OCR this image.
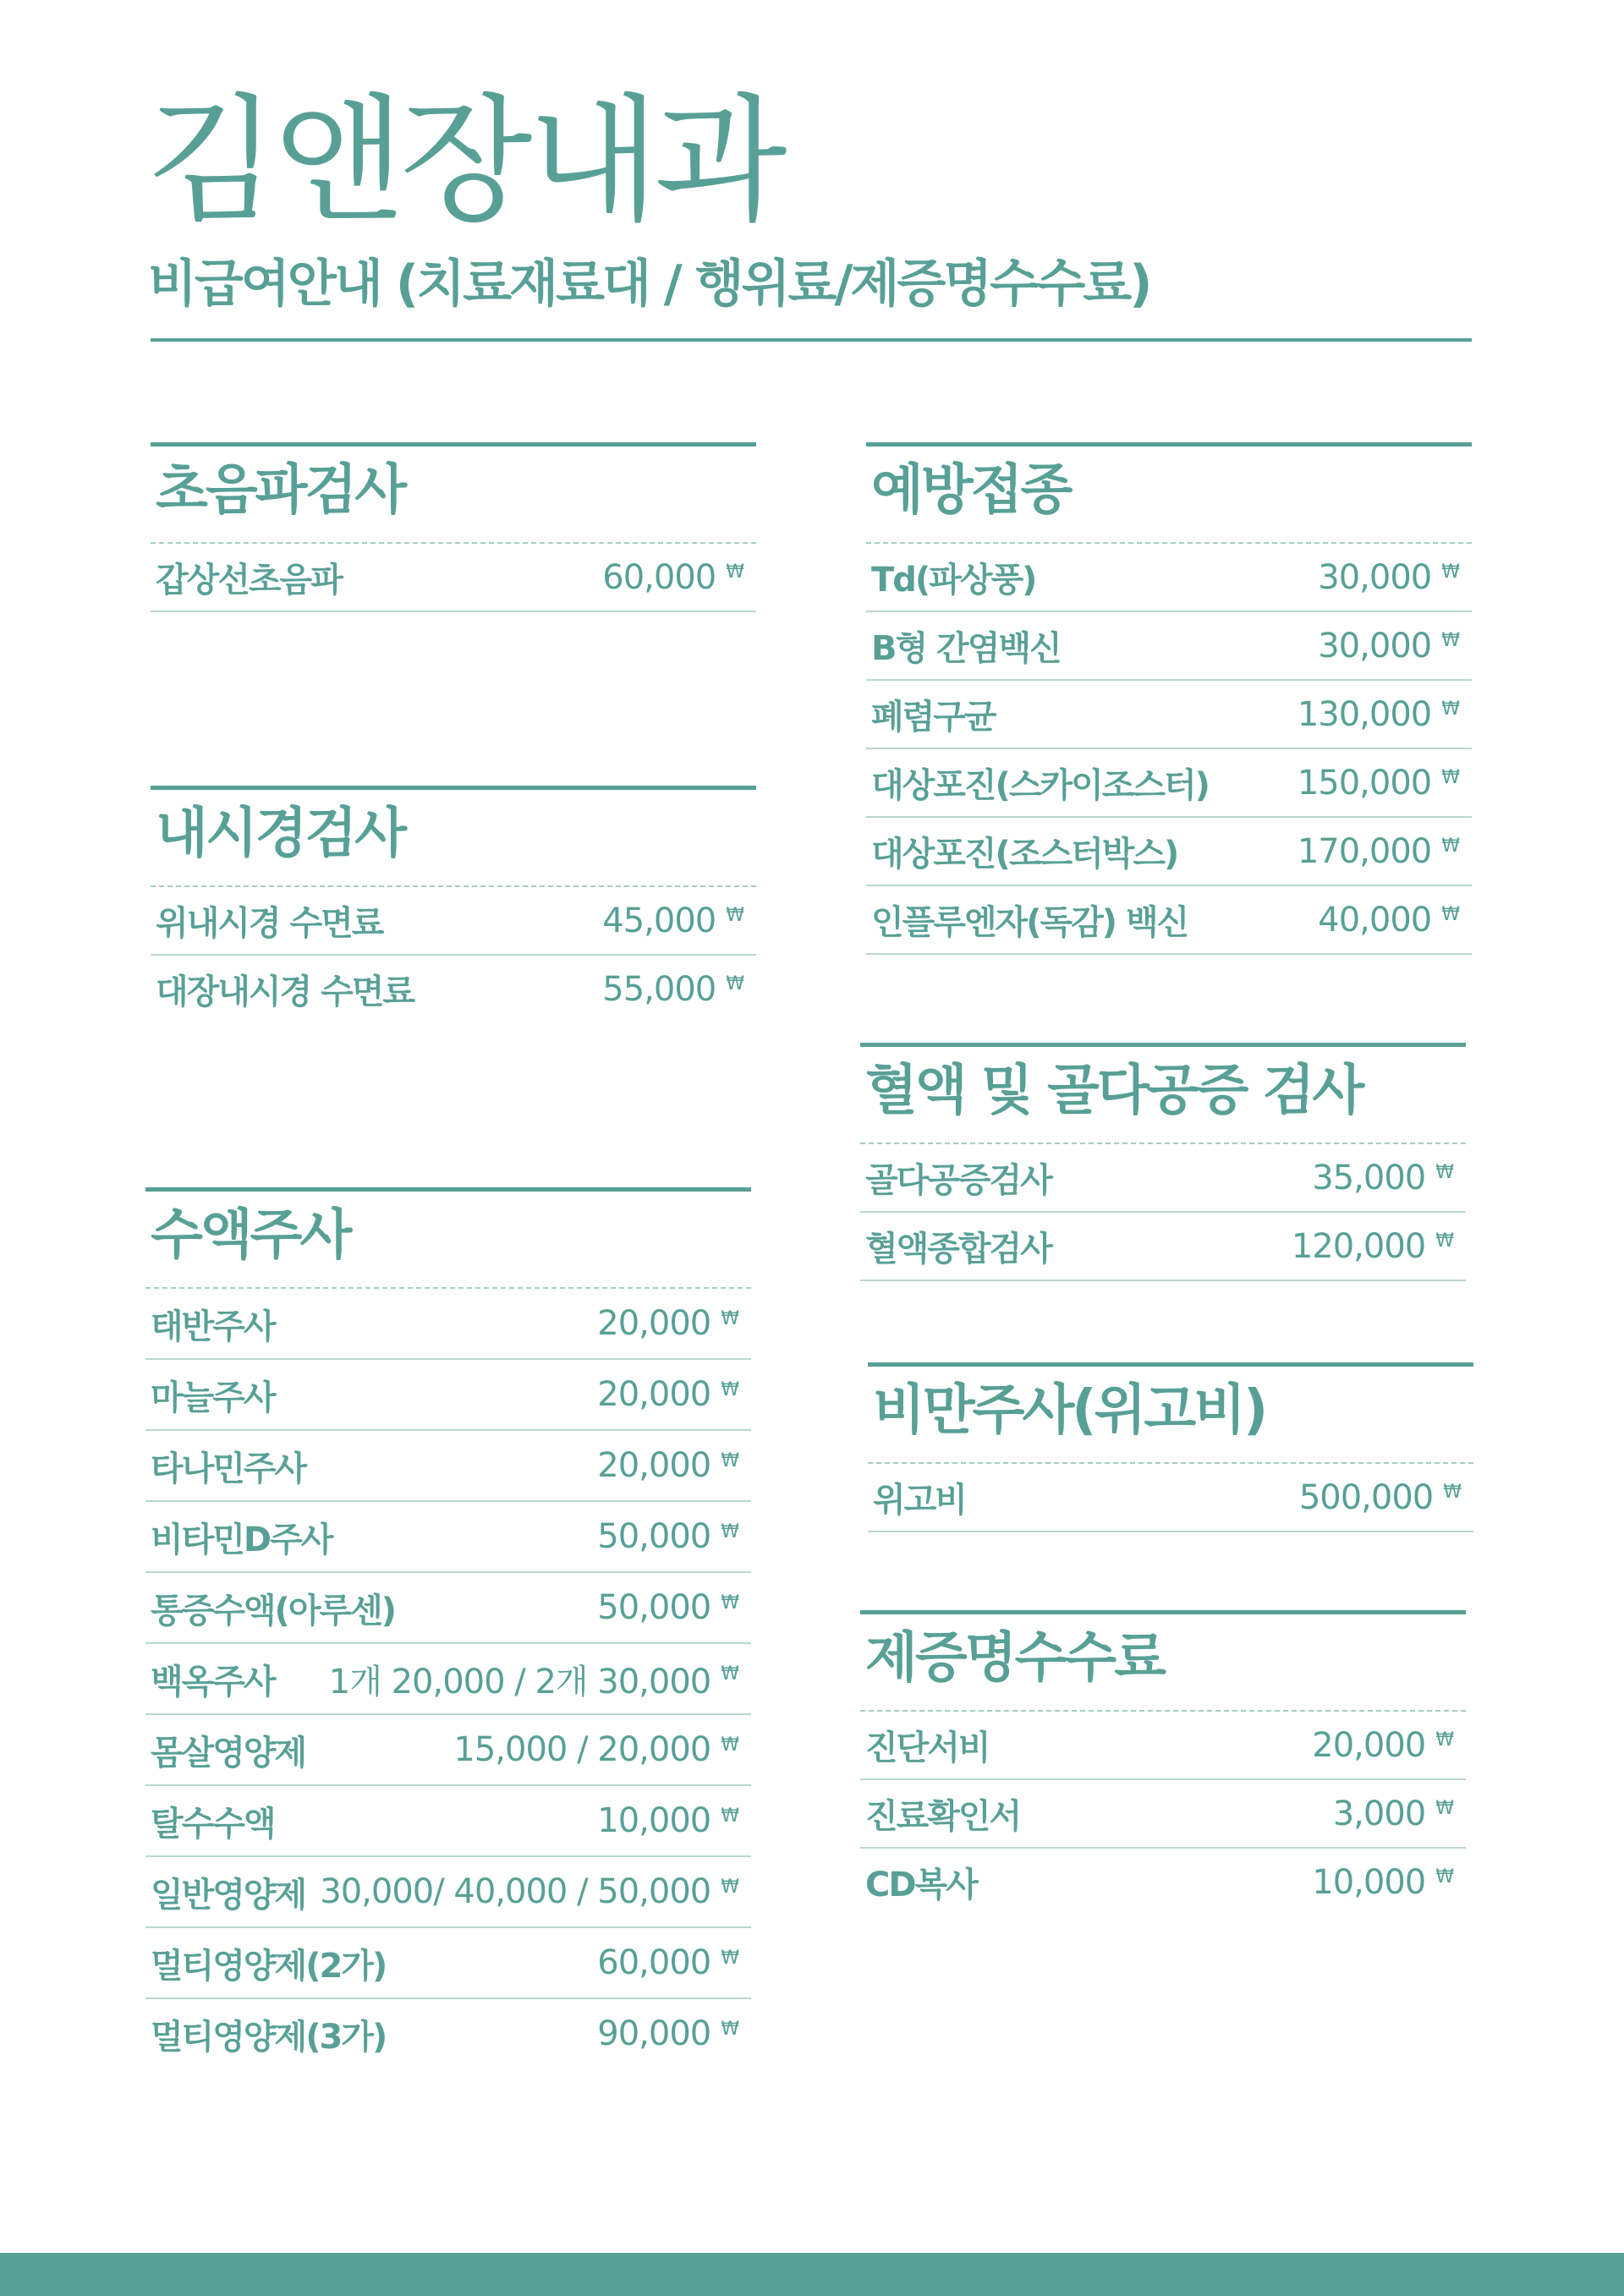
김앤장내과
비급여안내 (치료재료대 / 행위료/제증명수수료)
초음파검사
갑상선초음파	60,000 ₩
내시경검사
위내시경 수면료	45,000 ₩
대장내시경 수면료	55,000 ₩
수액주사
태반주사	20,000 ₩
마늘주사	20,000 ₩
타나민주사	20,000 ₩
비타민D주사	50,000 ₩
통증수액(아루센)	50,000 ₩
백옥주사 1개 20,000 / 2개 30,000 ₩
몸살영양제	15,000 / 20,000 ₩
탈수수액	10,000 ₩
일반영양제 30,000/ 40,000 / 50,000 ₩
멀티영양제(2가)	60,000 ₩
멀티영양제(3가)	90,000 ₩
예방접종
Td(파상풍)	30,000 ₩
B형 간염백신	30,000 ₩
폐렴구균	130,000 ₩
대상포진(스카이조스터)	150,000 ₩
대상포진(조스터박스)	170,000 ₩
인플루엔자(독감) 백신	40,000 ₩
혈액 및 골다공증 검사
골다공증검사	35,000 ₩
혈액종합검사	120,000 ₩
비만주사(위고비)
위고비	500,000 ₩
제증명수수료
진단서비	20,000 ₩
진료확인서	3,000 ₩
CD복사	10,000 ₩
